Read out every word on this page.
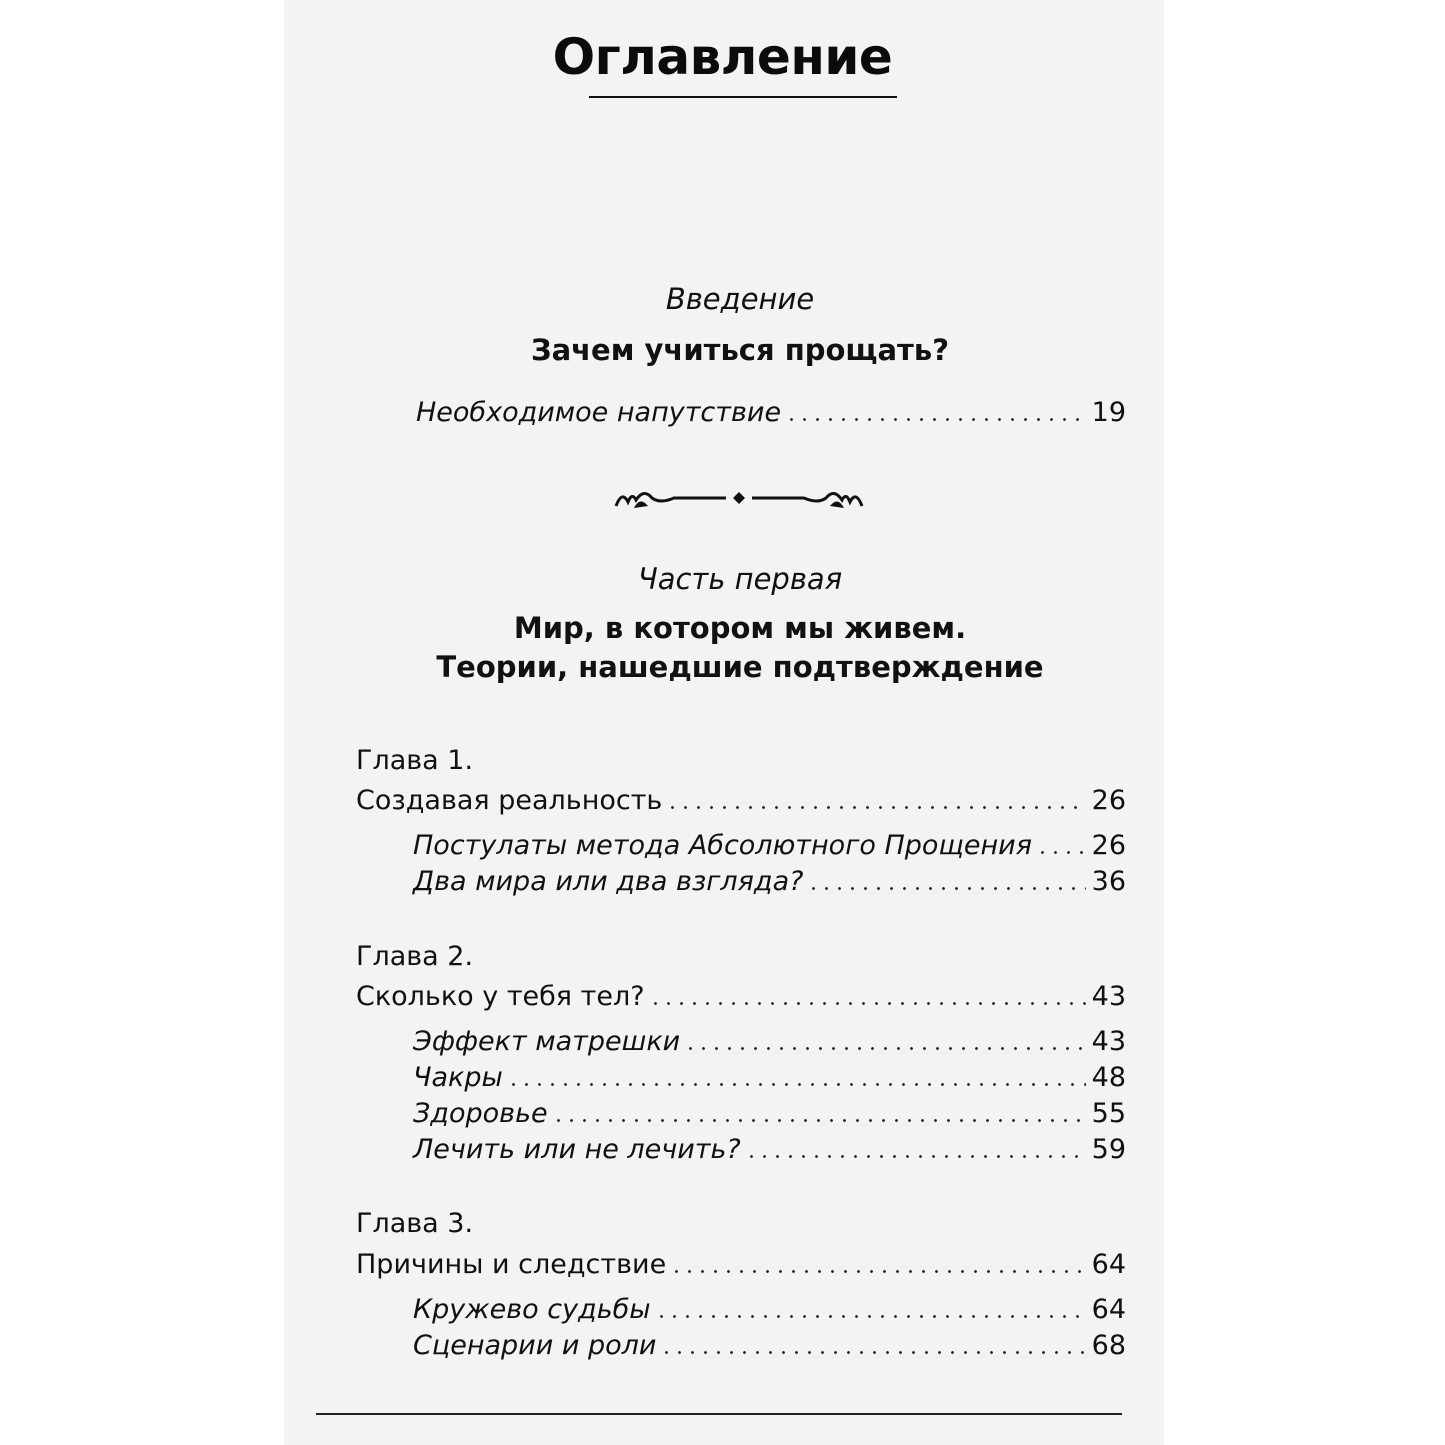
Оглавление
Введение
Зачем учиться прощать?
Необходимое напутствие	19
Часть первая
Мир, в котором мы живем.
Теории, нашедшие подтверждение
Глава 1.
Создавая реальность	26
Постулаты метода Абсолютного Прощения 26
Два мира или два взгляда?	36
Глава 2.
Сколько у тебя тел?	43
Эффект матрешки	43
Чакры	48
Здоровье	55
Лечить или не лечить?	59
Глава 3.
Причины и следствие	64
Кружево судьбы	64
Сценарии и роли	68
